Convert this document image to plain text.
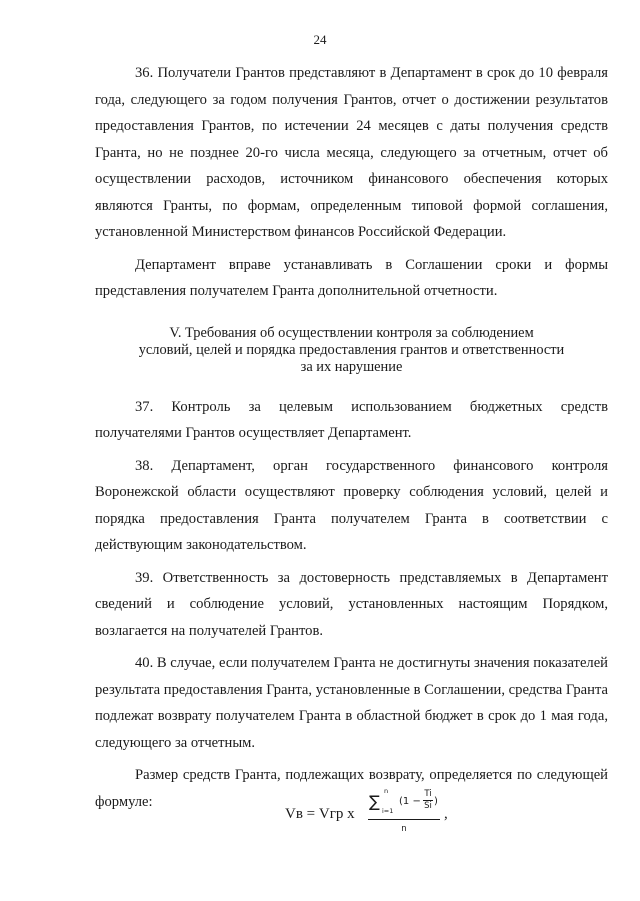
24

36. Получатели Грантов представляют в Департамент в срок до 10 февраля года, следующего за годом получения Грантов, отчет о достижении результатов предоставления Грантов, по истечении 24 месяцев с даты получения средств Гранта, но не позднее 20-го числа месяца, следующего за отчетным, отчет об осуществлении расходов, источником финансового обеспечения которых являются Гранты, по формам, определенным типовой формой соглашения, установленной Министерством финансов Российской Федерации.

Департамент вправе устанавливать в Соглашении сроки и формы представления получателем Гранта дополнительной отчетности.

V. Требования об осуществлении контроля за соблюдением
условий, целей и порядка предоставления грантов и ответственности
за их нарушение

37. Контроль за целевым использованием бюджетных средств получателями Грантов осуществляет Департамент.

38. Департамент, орган государственного финансового контроля Воронежской области осуществляют проверку соблюдения условий, целей и порядка предоставления Гранта получателем Гранта в соответствии с действующим законодательством.

39. Ответственность за достоверность представляемых в Департамент сведений и соблюдение условий, установленных настоящим Порядком, возлагается на получателей Грантов.

40. В случае, если получателем Гранта не достигнуты значения показателей результата предоставления Гранта, установленные в Соглашении, средства Гранта подлежат возврату получателем Гранта в областной бюджет в срок до 1 мая года, следующего за отчетным.

Размер средств Гранта, подлежащих возврату, определяется по следующей формуле:

Vв = Vгр x
∑
n
i=1
(1 −
Ti
Si )
n
,
